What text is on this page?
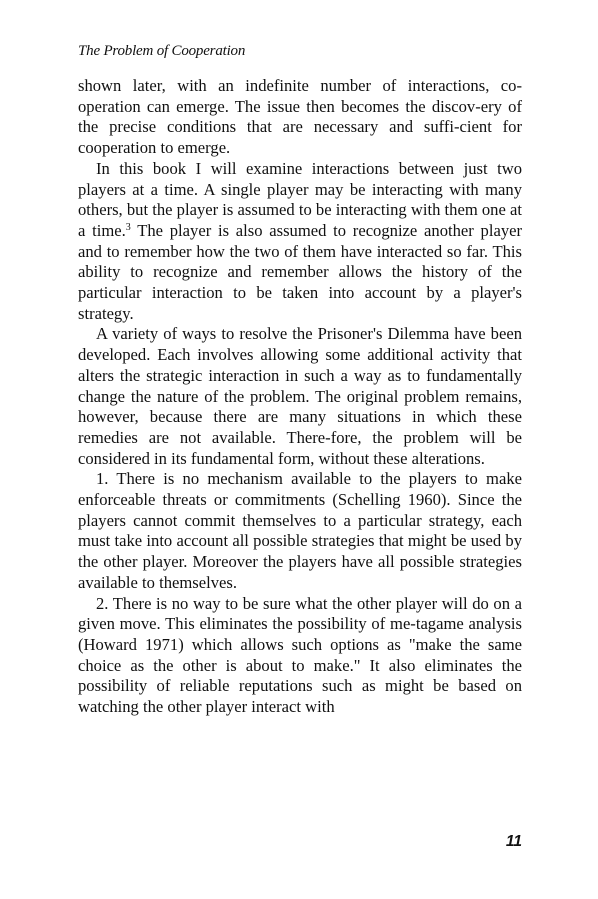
The Problem of Cooperation

shown later, with an indefinite number of interactions, co-operation can emerge. The issue then becomes the discov-ery of the precise conditions that are necessary and suffi-cient for cooperation to emerge.

In this book I will examine interactions between just two players at a time. A single player may be interacting with many others, but the player is assumed to be interacting with them one at a time.$^3$ The player is also assumed to recognize another player and to remember how the two of them have interacted so far. This ability to recognize and remember allows the history of the particular interaction to be taken into account by a player's strategy.

A variety of ways to resolve the Prisoner's Dilemma have been developed. Each involves allowing some additional activity that alters the strategic interaction in such a way as to fundamentally change the nature of the problem. The original problem remains, however, because there are many situations in which these remedies are not available. There-fore, the problem will be considered in its fundamental form, without these alterations.

1. There is no mechanism available to the players to make enforceable threats or commitments (Schelling 1960). Since the players cannot commit themselves to a particular strategy, each must take into account all possible strategies that might be used by the other player. Moreover the players have all possible strategies available to themselves.

2. There is no way to be sure what the other player will do on a given move. This eliminates the possibility of me-tagame analysis (Howard 1971) which allows such options as "make the same choice as the other is about to make." It also eliminates the possibility of reliable reputations such as might be based on watching the other player interact with

11
